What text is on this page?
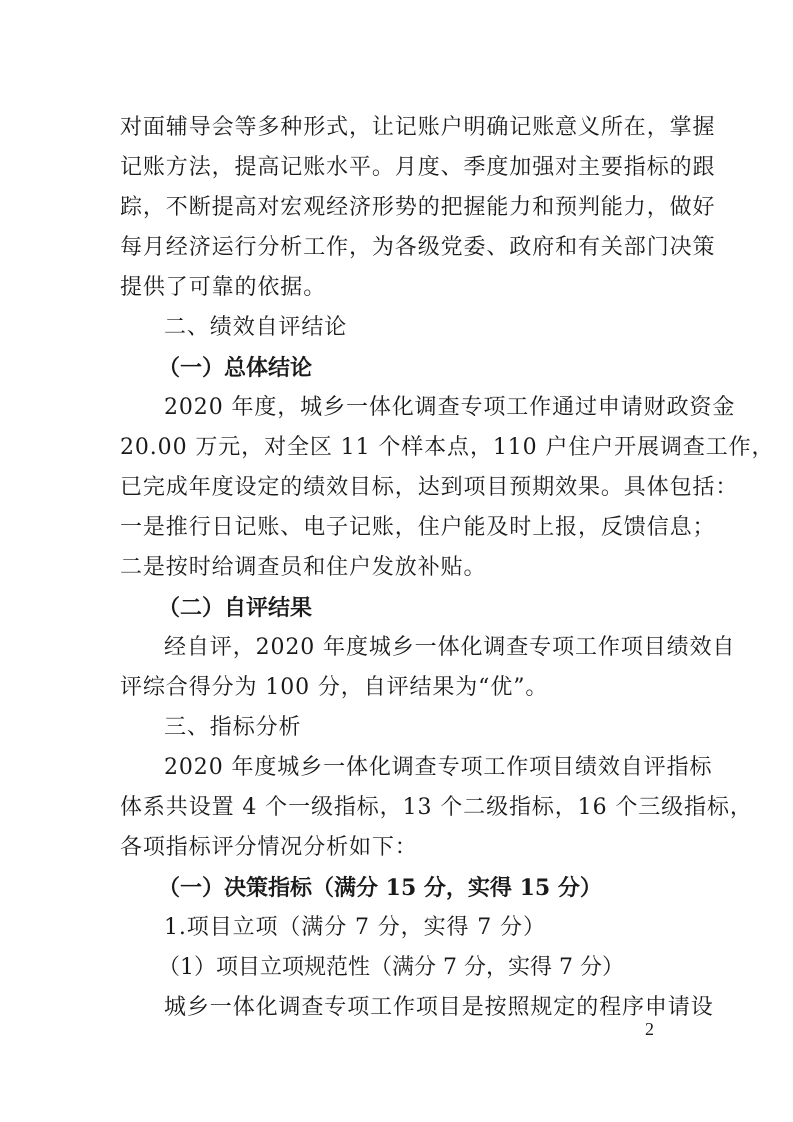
对面辅导会等多种形式，让记账户明确记账意义所在，掌握
记账方法，提高记账水平。月度、季度加强对主要指标的跟
踪，不断提高对宏观经济形势的把握能力和预判能力，做好
每月经济运行分析工作，为各级党委、政府和有关部门决策
提供了可靠的依据。
二、绩效自评结论
（一）总体结论
2020 年度，城乡一体化调查专项工作通过申请财政资金
20.00 万元，对全区 11 个样本点，110 户住户开展调查工作，
已完成年度设定的绩效目标，达到项目预期效果。具体包括：
一是推行日记账、电子记账，住户能及时上报，反馈信息；
二是按时给调查员和住户发放补贴。
（二）自评结果
经自评，2020 年度城乡一体化调查专项工作项目绩效自
评综合得分为 100 分，自评结果为“优”。
三、指标分析
2020 年度城乡一体化调查专项工作项目绩效自评指标
体系共设置 4 个一级指标，13 个二级指标，16 个三级指标，
各项指标评分情况分析如下：
（一）决策指标（满分 15 分，实得 15 分）
1.项目立项（满分 7 分，实得 7 分）
（1）项目立项规范性（满分 7 分，实得 7 分）
城乡一体化调查专项工作项目是按照规定的程序申请设
2
